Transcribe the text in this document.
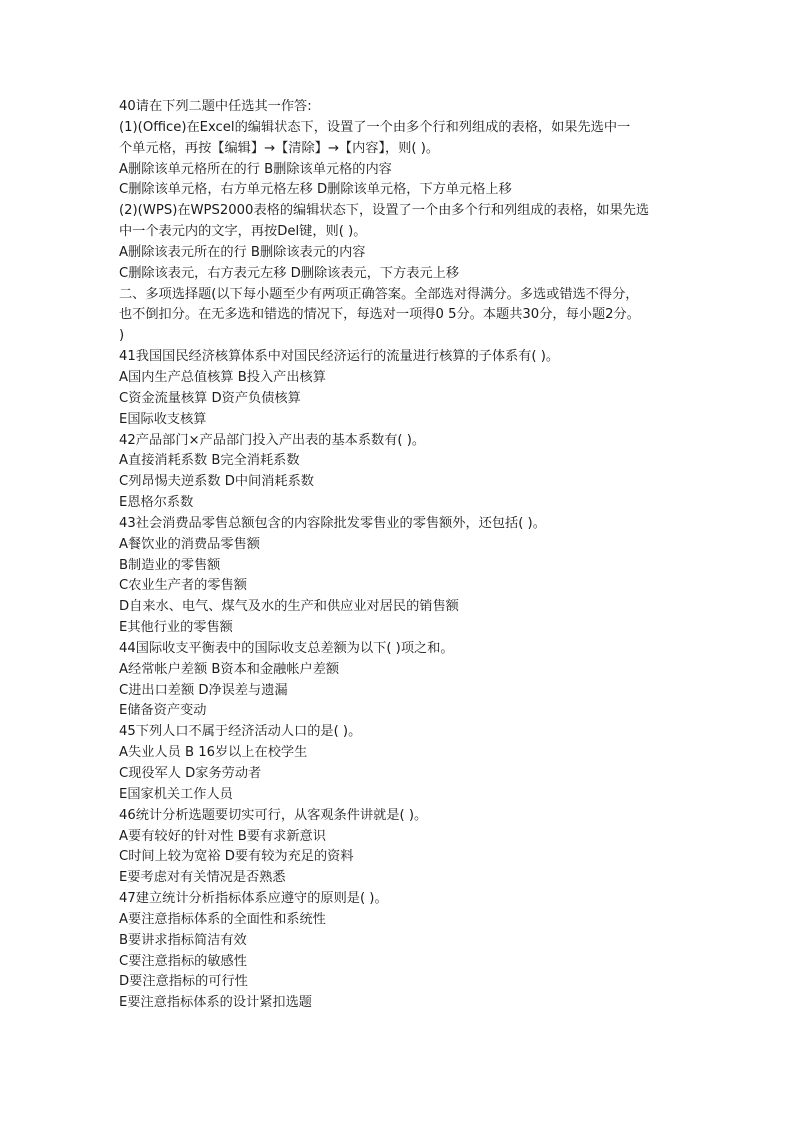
40请在下列二题中任选其一作答:
(1)(Office)在Excel的编辑状态下，设置了一个由多个行和列组成的表格，如果先选中一
个单元格，再按【编辑】→【清除】→【内容】，则( )。
A删除该单元格所在的行 B删除该单元格的内容
C删除该单元格，右方单元格左移 D删除该单元格，下方单元格上移
(2)(WPS)在WPS2000表格的编辑状态下，设置了一个由多个行和列组成的表格，如果先选
中一个表元内的文字，再按Del键，则( )。
A删除该表元所在的行 B删除该表元的内容
C删除该表元，右方表元左移 D删除该表元，下方表元上移
二、多项选择题(以下每小题至少有两项正确答案。全部选对得满分。多选或错选不得分，
也不倒扣分。在无多选和错选的情况下，每选对一项得0 5分。本题共30分，每小题2分。
)
41我国国民经济核算体系中对国民经济运行的流量进行核算的子体系有( )。
A国内生产总值核算 B投入产出核算
C资金流量核算 D资产负债核算
E国际收支核算
42产品部门×产品部门投入产出表的基本系数有( )。
A直接消耗系数 B完全消耗系数
C列昂惕夫逆系数 D中间消耗系数
E恩格尔系数
43社会消费品零售总额包含的内容除批发零售业的零售额外，还包括( )。
A餐饮业的消费品零售额
B制造业的零售额
C农业生产者的零售额
D自来水、电气、煤气及水的生产和供应业对居民的销售额
E其他行业的零售额
44国际收支平衡表中的国际收支总差额为以下( )项之和。
A经常帐户差额 B资本和金融帐户差额
C进出口差额 D净误差与遗漏
E储备资产变动
45下列人口不属于经济活动人口的是( )。
A失业人员 B 16岁以上在校学生
C现役军人 D家务劳动者
E国家机关工作人员
46统计分析选题要切实可行，从客观条件讲就是( )。
A要有较好的针对性 B要有求新意识
C时间上较为宽裕 D要有较为充足的资料
E要考虑对有关情况是否熟悉
47建立统计分析指标体系应遵守的原则是( )。
A要注意指标体系的全面性和系统性
B要讲求指标简洁有效
C要注意指标的敏感性
D要注意指标的可行性
E要注意指标体系的设计紧扣选题
